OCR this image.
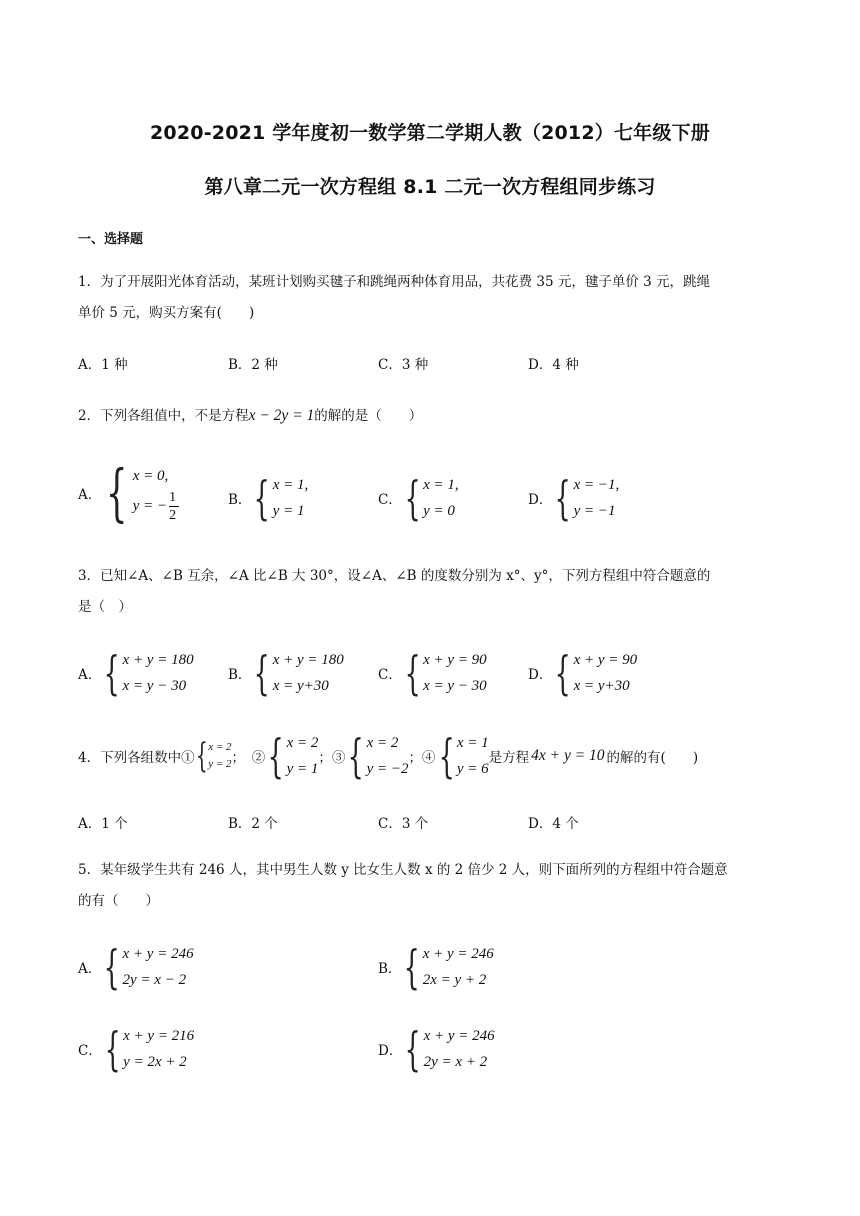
2020-2021 学年度初一数学第二学期人教（2012）七年级下册
第八章二元一次方程组 8.1 二元一次方程组同步练习
一、选择题
1．为了开展阳光体育活动，某班计划购买毽子和跳绳两种体育用品，共花费 35 元，毽子单价 3 元，跳绳
单价 5 元，购买方案有(　　)
A．1 种	B．2 种	C．3 种	D．4 种
2．下列各组值中，不是方程x − 2y = 1的解的是（　　）
A． { x = 0,
y = − $\frac{1}{2}$	B． { x = 1,
y = 1
C． { x = 1,
y = 0
D． { x = −1,
y = −1
3．已知∠A、∠B 互余，∠A 比∠B 大 30°，设∠A、∠B 的度数分别为 x°、y°，下列方程组中符合题意的
是（　）
A． { x + y = 180
x = y − 30
B． { x + y = 180
x = y+30
C． { x + y = 90
x = y − 30
D． { x + y = 90
x = y+30
4．下列各组数中① { x = 2
y = 2 ；　② { x = 2
y = 1
；③ { x = 2
y = −2
；④ { x = 1
y = 6
是方程 4x + y = 10 的解的有(　　)
A．1 个	B．2 个	C．3 个	D．4 个
5．某年级学生共有 246 人，其中男生人数 y 比女生人数 x 的 2 倍少 2 人，则下面所列的方程组中符合题意
的有（　　）
A． { x + y = 246
2y = x − 2
B． { x + y = 246
2x = y + 2
C． { x + y = 216
y = 2x + 2
D． { x + y = 246
2y = x + 2
